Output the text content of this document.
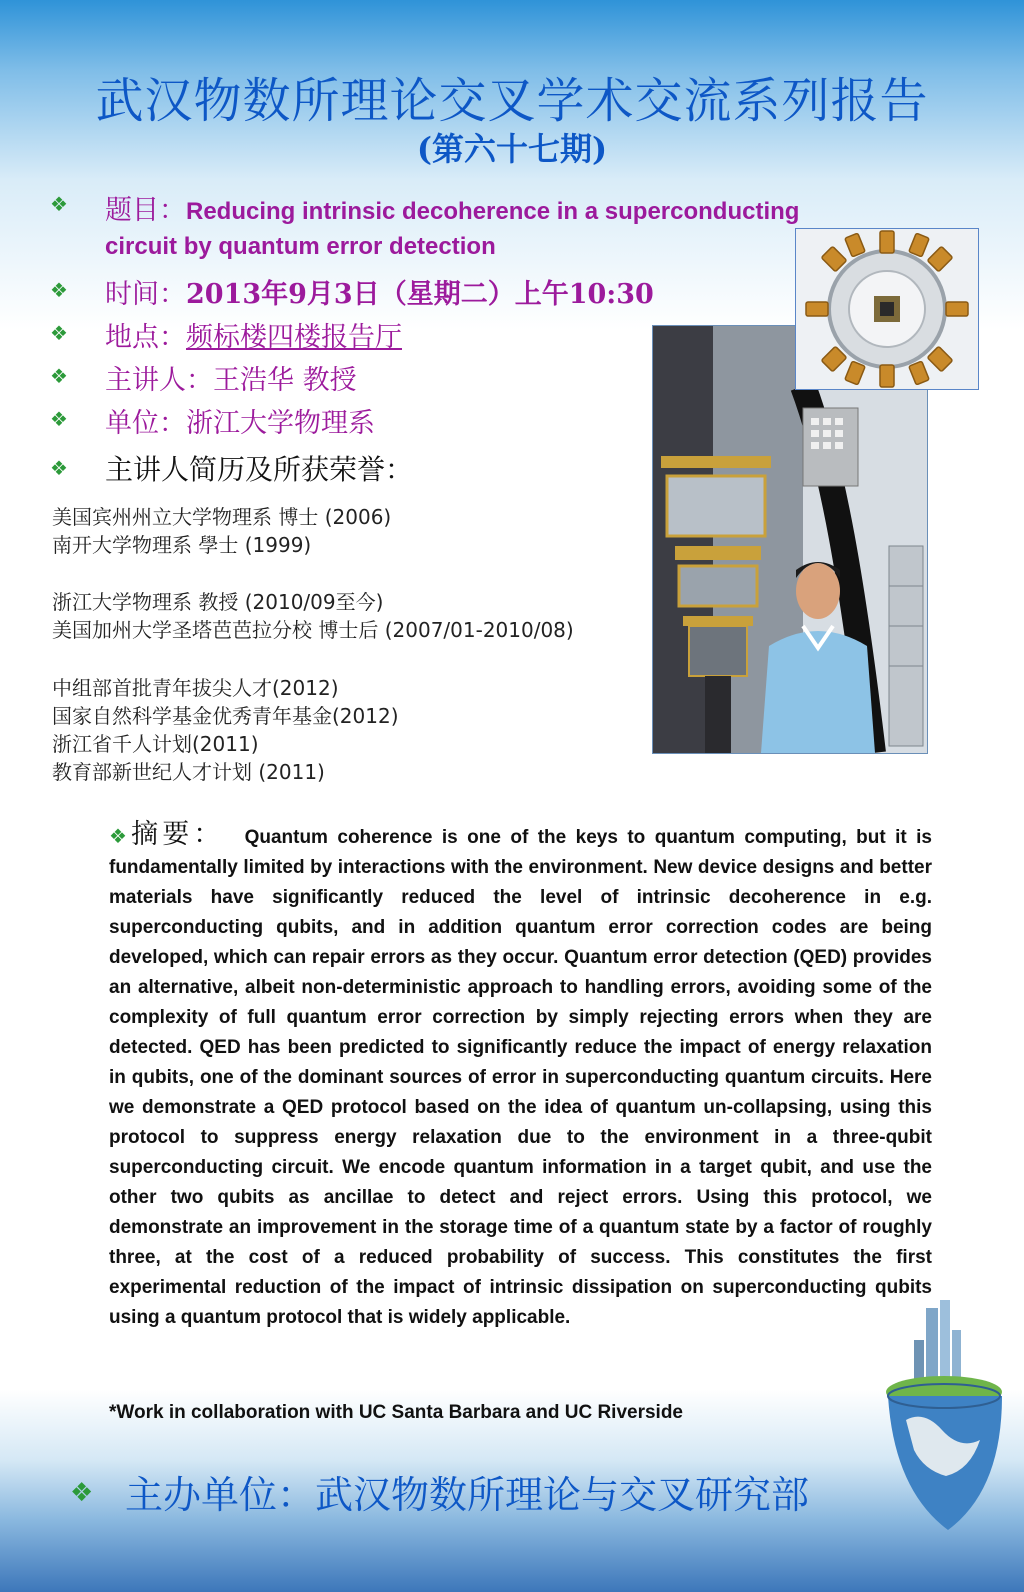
武汉物数所理论交叉学术交流系列报告
(第六十七期)
❖ 题目：Reducing intrinsic decoherence in a superconducting
circuit by quantum error detection
❖ 时间：2013年9月3日（星期二）上午10:30
❖ 地点：频标楼四楼报告厅
❖ 主讲人：王浩华 教授
❖ 单位：浙江大学物理系
❖ 主讲人简历及所获荣誉：
美国宾州州立大学物理系 博士 (2006)
南开大学物理系 學士 (1999)
浙江大学物理系 教授 (2010/09至今)
美国加州大学圣塔芭芭拉分校 博士后 (2007/01-2010/08)
中组部首批青年拔尖人才(2012)
国家自然科学基金优秀青年基金(2012)
浙江省千人计划(2011)
教育部新世纪人才计划 (2011)
❖摘要： Quantum coherence is one of the keys to quantum computing, but it is fundamentally limited by interactions with the environment. New device designs and better materials have significantly reduced the level of intrinsic decoherence in e.g. superconducting qubits, and in addition quantum error correction codes are being developed, which can repair errors as they occur. Quantum error detection (QED) provides an alternative, albeit non-deterministic approach to handling errors, avoiding some of the complexity of full quantum error correction by simply rejecting errors when they are detected. QED has been predicted to significantly reduce the impact of energy relaxation in qubits, one of the dominant sources of error in superconducting quantum circuits. Here we demonstrate a QED protocol based on the idea of quantum un-collapsing, using this protocol to suppress energy relaxation due to the environment in a three-qubit superconducting circuit. We encode quantum information in a target qubit, and use the other two qubits as ancillae to detect and reject errors. Using this protocol, we demonstrate an improvement in the storage time of a quantum state by a factor of roughly three, at the cost of a reduced probability of success. This constitutes the first experimental reduction of the impact of intrinsic dissipation on superconducting qubits using a quantum protocol that is widely applicable.
*Work in collaboration with UC Santa Barbara and UC Riverside
❖ 主办单位：武汉物数所理论与交叉研究部
